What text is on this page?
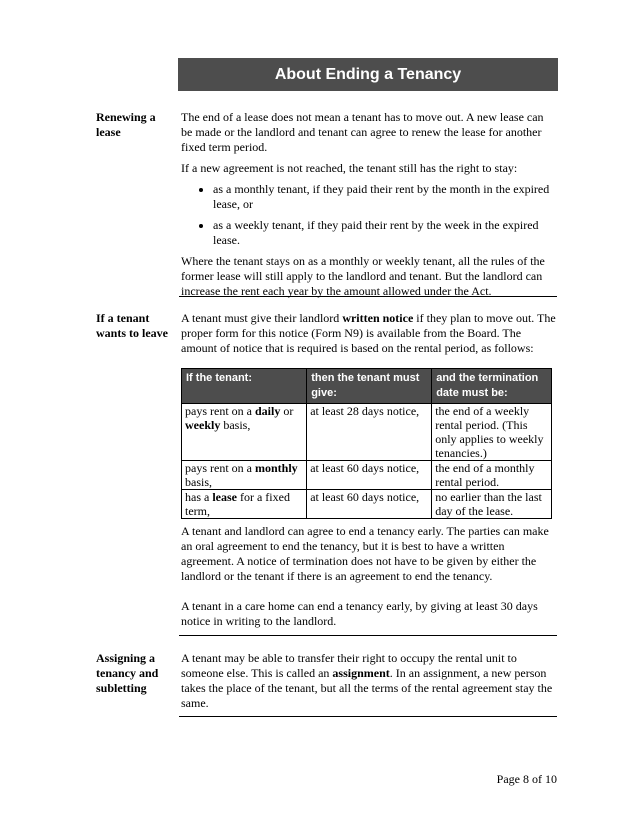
About Ending a Tenancy
Renewing a lease

The end of a lease does not mean a tenant has to move out. A new lease can be made or the landlord and tenant can agree to renew the lease for another fixed term period.

If a new agreement is not reached, the tenant still has the right to stay:

• as a monthly tenant, if they paid their rent by the month in the expired lease, or
• as a weekly tenant, if they paid their rent by the week in the expired lease.

Where the tenant stays on as a monthly or weekly tenant, all the rules of the former lease will still apply to the landlord and tenant. But the landlord can increase the rent each year by the amount allowed under the Act.

If a tenant wants to leave

A tenant must give their landlord written notice if they plan to move out. The proper form for this notice (Form N9) is available from the Board. The amount of notice that is required is based on the rental period, as follows:

If the tenant:	then the tenant must give:	and the termination date must be:
pays rent on a daily or weekly basis,	at least 28 days notice,	the end of a weekly rental period. (This only applies to weekly tenancies.)
pays rent on a monthly basis,	at least 60 days notice,	the end of a monthly rental period.
has a lease for a fixed term,	at least 60 days notice,	no earlier than the last day of the lease.

A tenant and landlord can agree to end a tenancy early. The parties can make an oral agreement to end the tenancy, but it is best to have a written agreement. A notice of termination does not have to be given by either the landlord or the tenant if there is an agreement to end the tenancy.

A tenant in a care home can end a tenancy early, by giving at least 30 days notice in writing to the landlord.

Assigning a tenancy and subletting

A tenant may be able to transfer their right to occupy the rental unit to someone else. This is called an assignment. In an assignment, a new person takes the place of the tenant, but all the terms of the rental agreement stay the same.

Page 8 of 10
